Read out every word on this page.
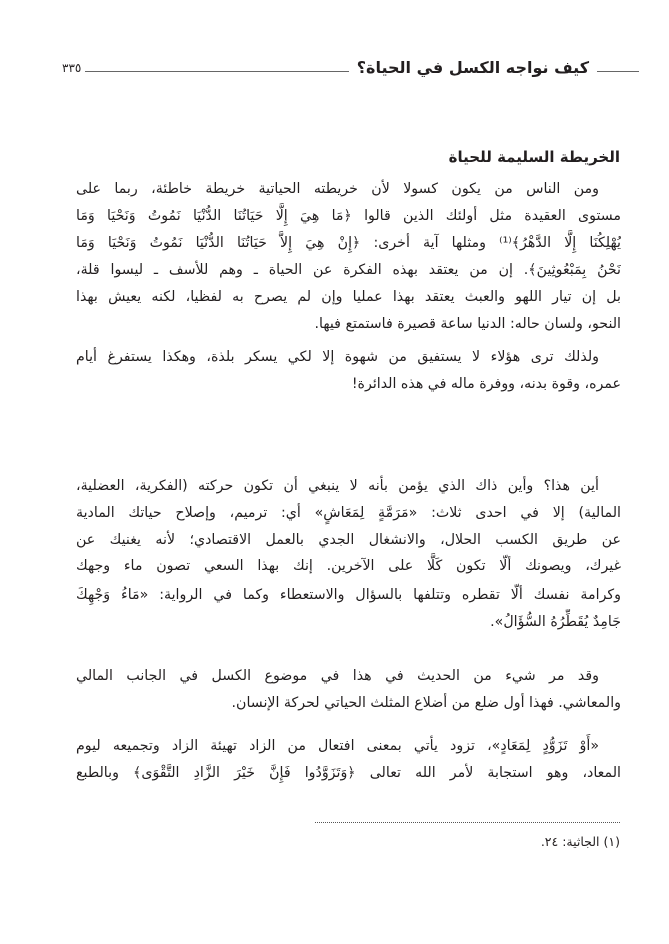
٣٣٥	كيف نواجه الكسل في الحياة؟
الخريطة السليمة للحياة
ومن الناس من يكون كسولا لأن خريطته الحياتية خريطة خاطئة، ربما على
مستوى العقيدة مثل أولئك الذين قالوا ﴿مَا هِيَ إِلَّا حَيَاتُنَا الدُّنْيَا نَمُوتُ وَنَحْيَا وَمَا
يُهْلِكُنَا إِلَّا الدَّهْرُ﴾⁽¹⁾ ومثلها آية أخرى: ﴿إِنْ هِيَ إِلاَّ حَيَاتُنَا الدُّنْيَا نَمُوتُ وَنَحْيَا وَمَا
نَحْنُ بِمَبْعُوثِينَ﴾. إن من يعتقد بهذه الفكرة عن الحياة ـ وهم للأسف ـ ليسوا قلة،
بل إن تيار اللهو والعبث يعتقد بهذا عمليا وإن لم يصرح به لفظيا، لكنه يعيش بهذا
النحو، ولسان حاله: الدنيا ساعة قصيرة فاستمتع فيها.
ولذلك ترى هؤلاء لا يستفيق من شهوة إلا لكي يسكر بلذة، وهكذا يستفرغ أيام
عمره، وقوة بدنه، ووفرة ماله في هذه الدائرة!
أين هذا؟ وأين ذاك الذي يؤمن بأنه لا ينبغي أن تكون حركته (الفكرية، العضلية،
المالية) إلا في احدى ثلاث: «مَرَمَّةٍ لِمَعَاشٍ» أي: ترميم، وإصلاح حياتك المادية
عن طريق الكسب الحلال، والانشغال الجدي بالعمل الاقتصادي؛ لأنه يغنيك عن
غيرك، ويصونك ألّا تكون كَلًّا على الآخرين. إنك بهذا السعي تصون ماء وجهك
وكرامة نفسك ألّا تقطره وتتلفها بالسؤال والاستعطاء وكما في الرواية: «مَاءُ وَجْهِكَ
جَامِدٌ يُقَطِّرُهُ السُّؤَالُ».
وقد مر شيء من الحديث في هذا في موضوع الكسل في الجانب المالي
والمعاشي. فهذا أول ضلع من أضلاع المثلث الحياتي لحركة الإنسان.
«أَوْ تَزَوُّدٍ لِمَعَادٍ»، تزود يأتي بمعنى افتعال من الزاد تهيئة الزاد وتجميعه ليوم
المعاد، وهو استجابة لأمر الله تعالى ﴿وَتَزَوَّدُوا فَإِنَّ خَيْرَ الزَّادِ التَّقْوَى﴾ وبالطبع
(١) الجاثية: ٢٤.
